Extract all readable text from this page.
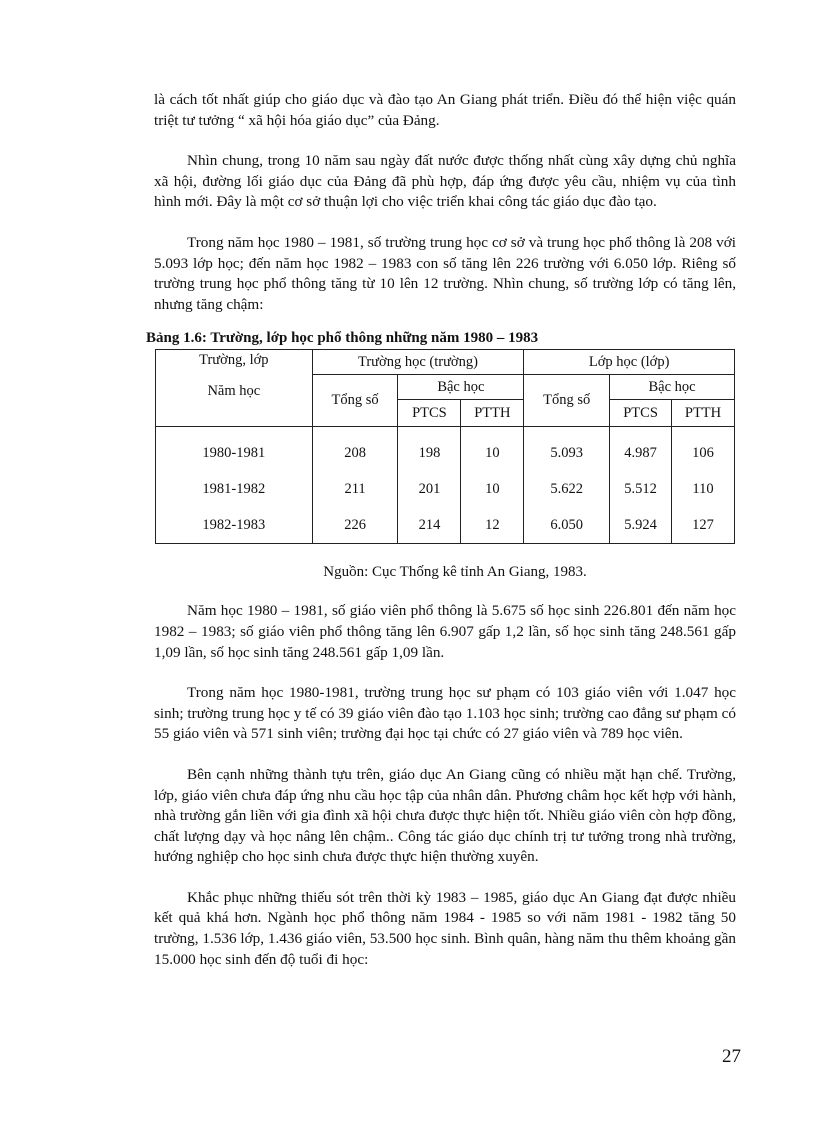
là cách tốt nhất giúp cho giáo dục và đào tạo An Giang phát triển. Điều đó thể hiện việc quán triệt tư tưởng “ xã hội hóa giáo dục” của Đảng.

Nhìn chung, trong 10 năm sau ngày đất nước được thống nhất cùng xây dựng chủ nghĩa xã hội, đường lối giáo dục của Đảng đã phù hợp, đáp ứng được yêu cầu, nhiệm vụ của tình hình mới. Đây là một cơ sở thuận lợi cho việc triển khai công tác giáo dục đào tạo.

Trong năm học 1980 – 1981, số trường trung học cơ sở và trung học phổ thông là 208 với 5.093 lớp học; đến năm học 1982 – 1983 con số tăng lên 226 trường với 6.050 lớp. Riêng số trường trung học phổ thông tăng từ 10 lên 12 trường. Nhìn chung, số trường lớp có tăng lên, nhưng tăng chậm:

Bảng 1.6: Trường, lớp học phổ thông những năm 1980 – 1983
Trường, lớp
Năm học	Trường học (trường)			Lớp học (lớp)		
	Tổng số	Bậc học		Tổng số	Bậc học	
		PTCS	PTTH		PTCS	PTTH

1980-1981	208	198	10	5.093	4.987	106
1981-1982	211	201	10	5.622	5.512	110
1982-1983	226	214	12	6.050	5.924	127
Nguồn: Cục Thống kê tỉnh An Giang, 1983.

Năm học 1980 – 1981, số giáo viên phổ thông là 5.675 số học sinh 226.801 đến năm học 1982 – 1983; số giáo viên phổ thông tăng lên 6.907 gấp 1,2 lần, số học sinh tăng 248.561 gấp 1,09 lần, số học sinh tăng 248.561 gấp 1,09 lần.

Trong năm học 1980-1981, trường trung học sư phạm có 103 giáo viên với 1.047 học sinh; trường trung học y tế có 39 giáo viên đào tạo 1.103 học sinh; trường cao đẳng sư phạm có 55 giáo viên và 571 sinh viên; trường đại học tại chức có 27 giáo viên và 789 học viên.

Bên cạnh những thành tựu trên, giáo dục An Giang cũng có nhiều mặt hạn chế. Trường, lớp, giáo viên chưa đáp ứng nhu cầu học tập của nhân dân. Phương châm học kết hợp với hành, nhà trường gắn liền với gia đình xã hội chưa được thực hiện tốt. Nhiều giáo viên còn hợp đồng, chất lượng dạy và học nâng lên chậm.. Công tác giáo dục chính trị tư tưởng trong nhà trường, hướng nghiệp cho học sinh chưa được thực hiện thường xuyên.

Khắc phục những thiếu sót trên thời kỳ 1983 – 1985, giáo dục An Giang đạt được nhiều kết quả khá hơn. Ngành học phổ thông năm 1984 - 1985 so với năm 1981 - 1982 tăng 50 trường, 1.536 lớp, 1.436 giáo viên, 53.500 học sinh. Bình quân, hàng năm thu thêm khoảng gần 15.000 học sinh đến độ tuổi đi học:

27
